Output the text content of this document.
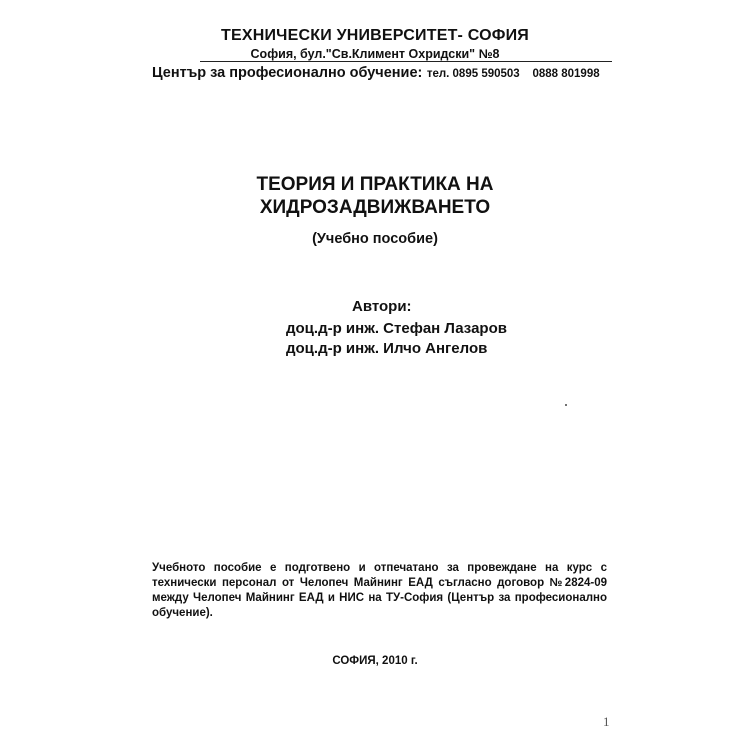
ТЕХНИЧЕСКИ УНИВЕРСИТЕТ- СОФИЯ
София, бул."Св.Климент Охридски" №8
Център за професионално обучение: тел. 0895 590503    0888 801998
ТЕОРИЯ И ПРАКТИКА НА
ХИДРОЗАДВИЖВАНЕТО
(Учебно пособие)
Автори:
доц.д-р инж. Стефан Лазаров
доц.д-р инж. Илчо Ангелов
Учебното пособие е подготвено и отпечатано за провеждане на курс с технически персонал от Челопеч Майнинг ЕАД съгласно договор №2824-09 между Челопеч Майнинг ЕАД и НИС на ТУ-София (Център за професионално обучение).
СОФИЯ, 2010 г.
1
